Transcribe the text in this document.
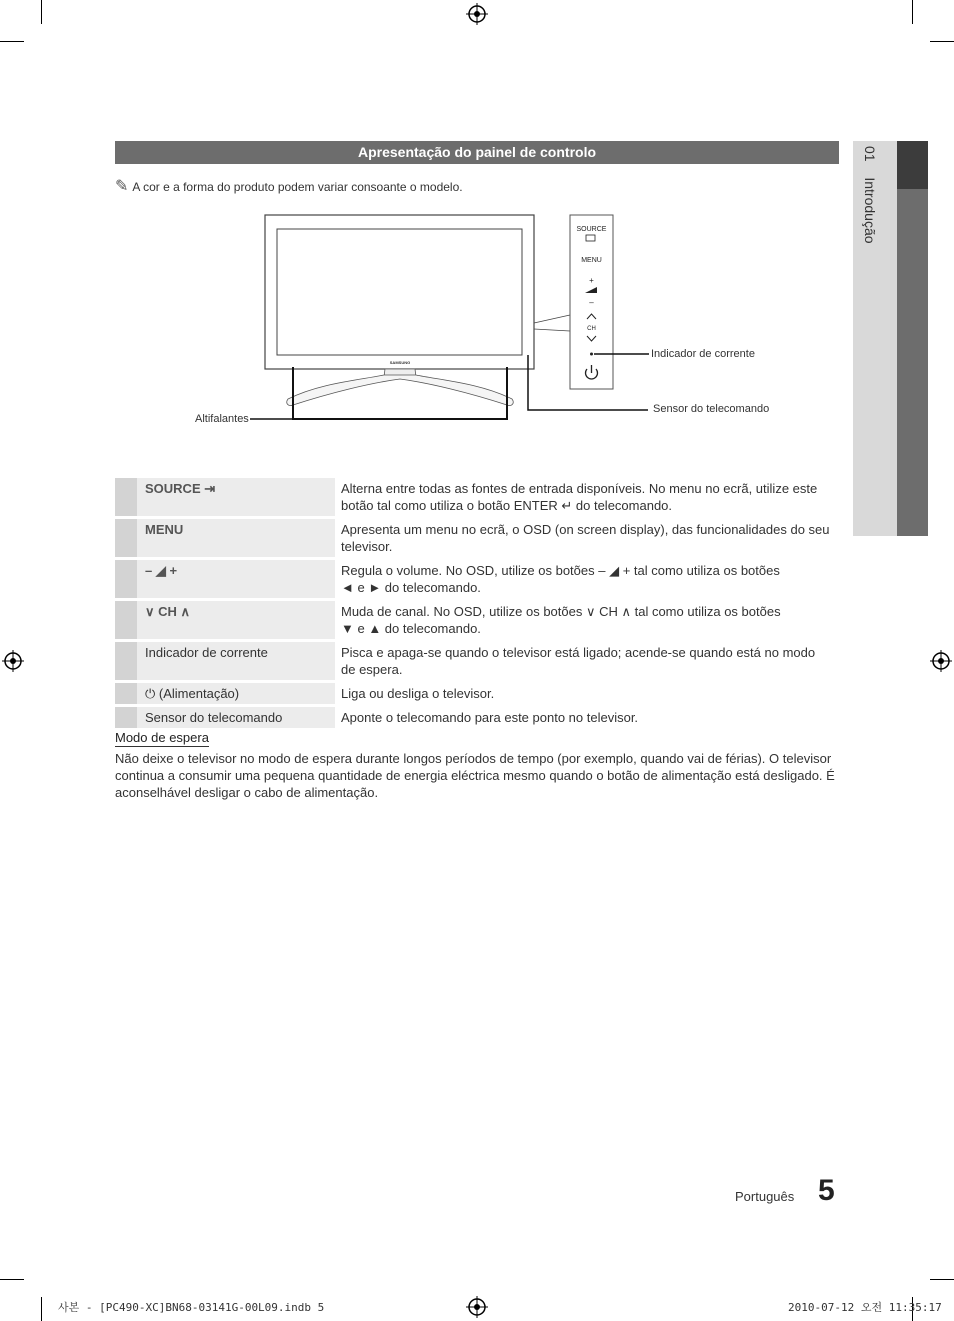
01  Introdução
Apresentação do painel de controlo
✎ A cor e a forma do produto podem variar consoante o modelo.
SAMSUNG
SOURCE
MENU
+
–
CH
Indicador de corrente
Sensor do telecomando
Altifalantes
	SOURCE ⇥	Alterna entre todas as fontes de entrada disponíveis. No menu no ecrã, utilize este
botão tal como utiliza o botão ENTER ↵ do telecomando.

	MENU	Apresenta um menu no ecrã, o OSD (on screen display), das funcionalidades do seu
televisor.

	– ◢ +	Regula o volume. No OSD, utilize os botões – ◢ + tal como utiliza os botões
◄ e ► do telecomando.

	∨ CH ∧	Muda de canal. No OSD, utilize os botões ∨ CH ∧ tal como utiliza os botões
▼ e ▲ do telecomando.

	Indicador de corrente	Pisca e apaga-se quando o televisor está ligado; acende-se quando está no modo
de espera.

	⏻ (Alimentação)	Liga ou desliga o televisor.

	Sensor do telecomando	Aponte o telecomando para este ponto no televisor.
Modo de espera
Não deixe o televisor no modo de espera durante longos períodos de tempo (por exemplo, quando vai de férias). O televisor
continua a consumir uma pequena quantidade de energia eléctrica mesmo quando o botão de alimentação está desligado. É
aconselhável desligar o cabo de alimentação.
Português 5
사본 - [PC490-XC]BN68-03141G-00L09.indb 5	2010-07-12 오전 11:35:17
